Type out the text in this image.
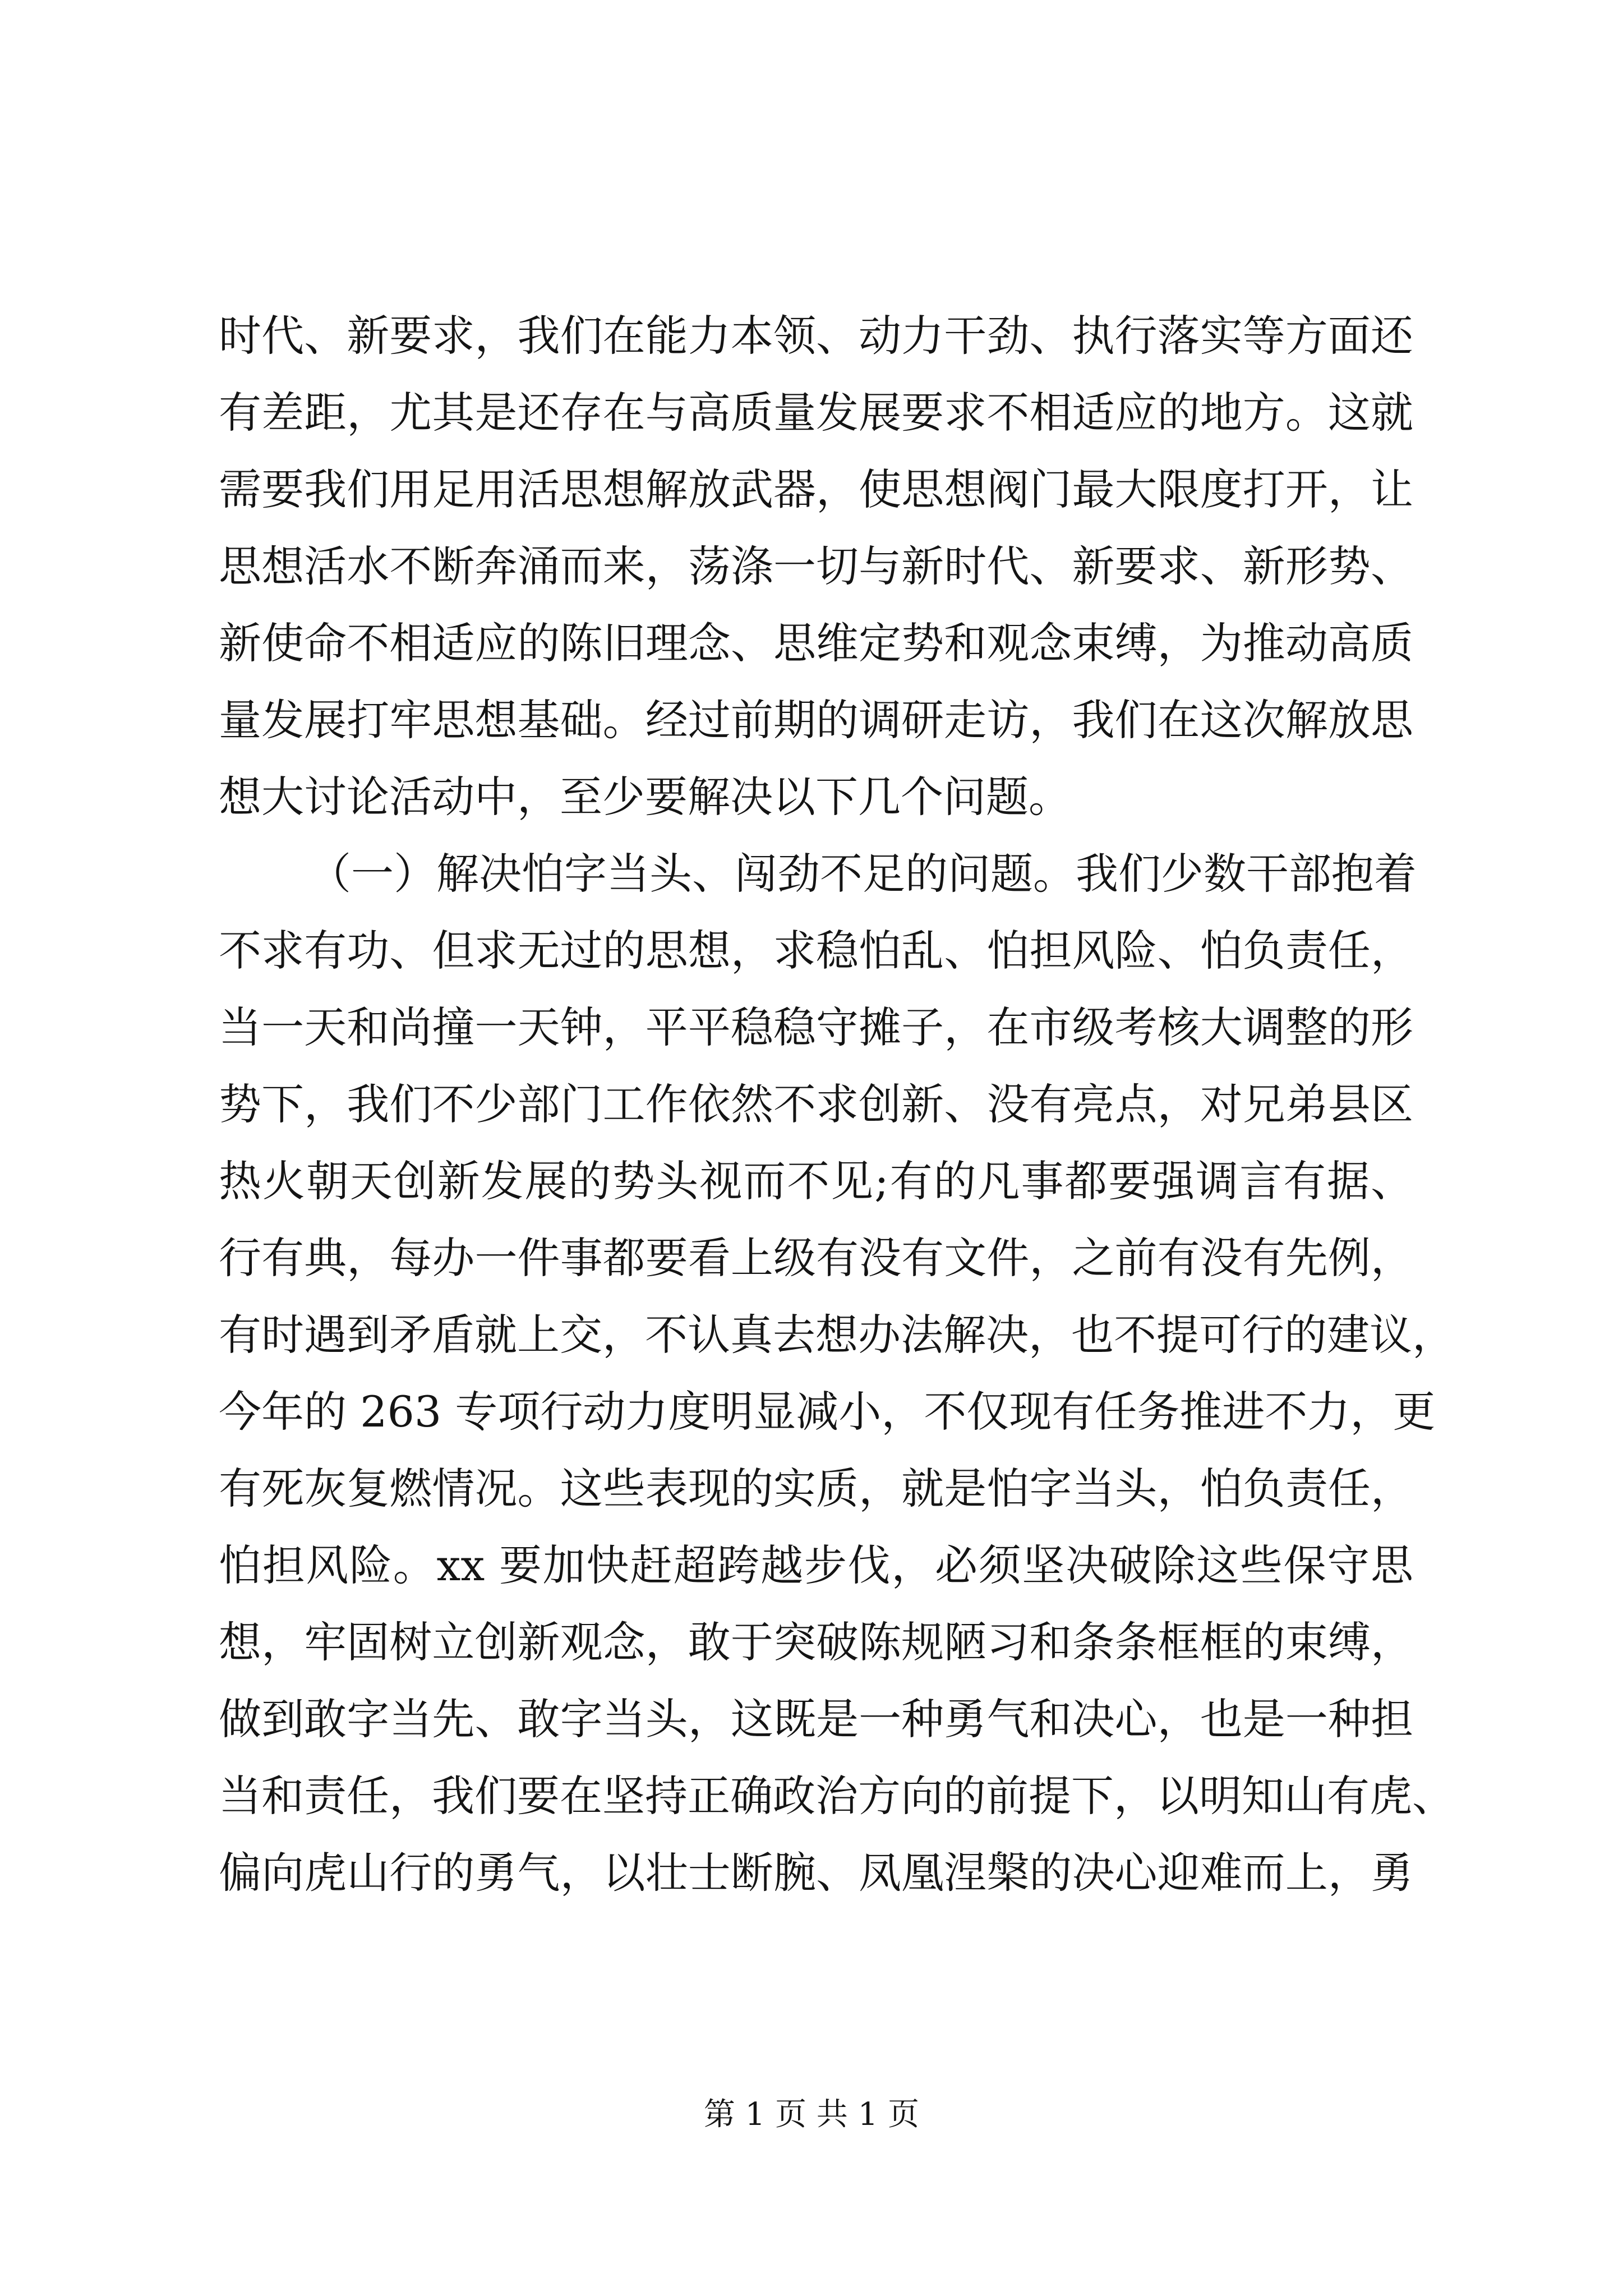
时代、新要求，我们在能力本领、动力干劲、执行落实等方面还
有差距，尤其是还存在与高质量发展要求不相适应的地方。这就
需要我们用足用活思想解放武器，使思想阀门最大限度打开，让
思想活水不断奔涌而来，荡涤一切与新时代、新要求、新形势、
新使命不相适应的陈旧理念、思维定势和观念束缚，为推动高质
量发展打牢思想基础。经过前期的调研走访，我们在这次解放思
想大讨论活动中，至少要解决以下几个问题。
（一）解决怕字当头、闯劲不足的问题。我们少数干部抱着
不求有功、但求无过的思想，求稳怕乱、怕担风险、怕负责任，
当一天和尚撞一天钟，平平稳稳守摊子，在市级考核大调整的形
势下，我们不少部门工作依然不求创新、没有亮点，对兄弟县区
热火朝天创新发展的势头视而不见;有的凡事都要强调言有据、
行有典，每办一件事都要看上级有没有文件，之前有没有先例，
有时遇到矛盾就上交，不认真去想办法解决，也不提可行的建议，
今年的 263 专项行动力度明显减小，不仅现有任务推进不力，更
有死灰复燃情况。这些表现的实质，就是怕字当头，怕负责任，
怕担风险。xx 要加快赶超跨越步伐，必须坚决破除这些保守思
想，牢固树立创新观念，敢于突破陈规陋习和条条框框的束缚，
做到敢字当先、敢字当头，这既是一种勇气和决心，也是一种担
当和责任，我们要在坚持正确政治方向的前提下，以明知山有虎、
偏向虎山行的勇气，以壮士断腕、凤凰涅槃的决心迎难而上，勇
第 1 页 共 1 页
